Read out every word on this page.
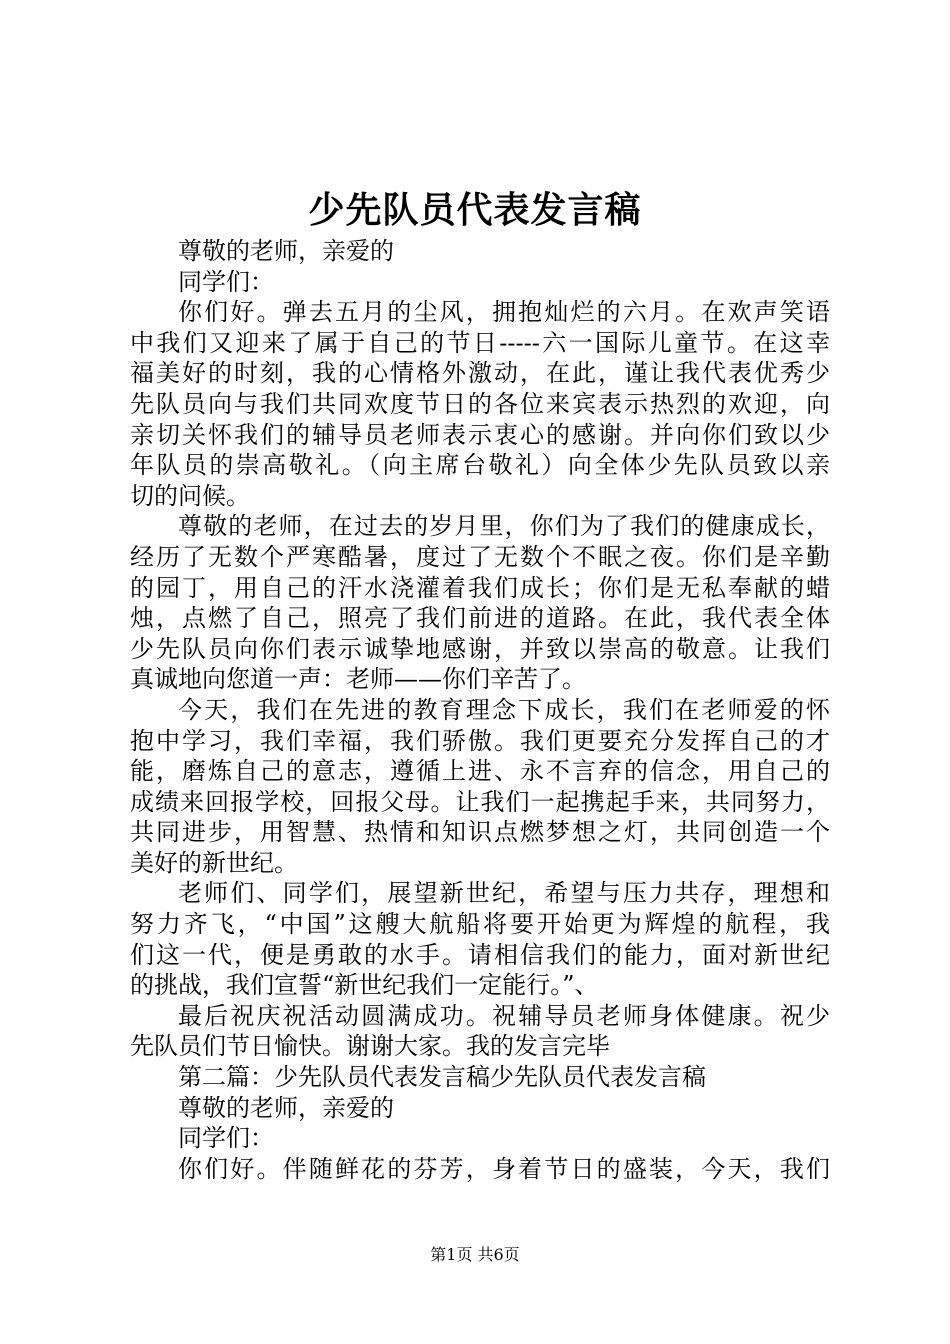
少先队员代表发言稿
尊敬的老师，亲爱的
同学们：
你们好。弹去五月的尘风，拥抱灿烂的六月。在欢声笑语
中我们又迎来了属于自己的节日-----六一国际儿童节。在这幸
福美好的时刻，我的心情格外激动，在此，谨让我代表优秀少
先队员向与我们共同欢度节日的各位来宾表示热烈的欢迎，向
亲切关怀我们的辅导员老师表示衷心的感谢。并向你们致以少
年队员的崇高敬礼。（向主席台敬礼）向全体少先队员致以亲
切的问候。
尊敬的老师，在过去的岁月里，你们为了我们的健康成长，
经历了无数个严寒酷暑，度过了无数个不眠之夜。你们是辛勤
的园丁，用自己的汗水浇灌着我们成长；你们是无私奉献的蜡
烛，点燃了自己，照亮了我们前进的道路。在此，我代表全体
少先队员向你们表示诚挚地感谢，并致以崇高的敬意。让我们
真诚地向您道一声：老师——你们辛苦了。
今天，我们在先进的教育理念下成长，我们在老师爱的怀
抱中学习，我们幸福，我们骄傲。我们更要充分发挥自己的才
能，磨炼自己的意志，遵循上进、永不言弃的信念，用自己的
成绩来回报学校，回报父母。让我们一起携起手来，共同努力，
共同进步，用智慧、热情和知识点燃梦想之灯，共同创造一个
美好的新世纪。
老师们、同学们，展望新世纪，希望与压力共存，理想和
努力齐飞，“中国”这艘大航船将要开始更为辉煌的航程，我
们这一代，便是勇敢的水手。请相信我们的能力，面对新世纪
的挑战，我们宣誓“新世纪我们一定能行。”、
最后祝庆祝活动圆满成功。祝辅导员老师身体健康。祝少
先队员们节日愉快。谢谢大家。我的发言完毕
第二篇：少先队员代表发言稿少先队员代表发言稿
尊敬的老师，亲爱的
同学们：
你们好。伴随鲜花的芬芳，身着节日的盛装，今天，我们
第1页 共6页
